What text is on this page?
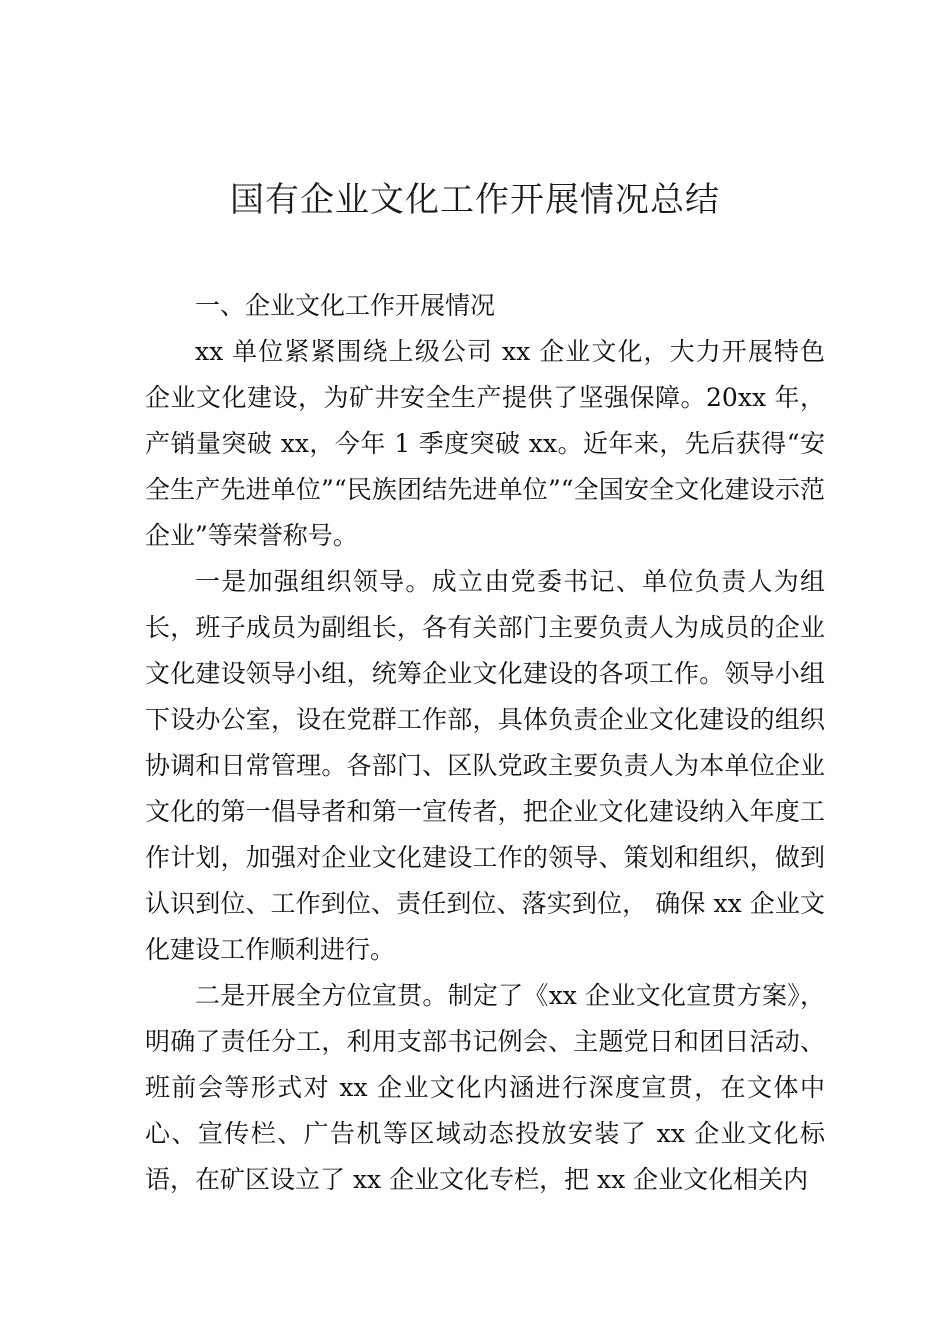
国有企业文化工作开展情况总结
一、企业文化工作开展情况

xx 单位紧紧围绕上级公司 xx 企业文化，大力开展特色企业文化建设，为矿井安全生产提供了坚强保障。20xx 年，产销量突破 xx，今年 1 季度突破 xx。近年来，先后获得“安全生产先进单位”“民族团结先进单位”“全国安全文化建设示范企业”等荣誉称号。

一是加强组织领导。成立由党委书记、单位负责人为组长，班子成员为副组长，各有关部门主要负责人为成员的企业文化建设领导小组，统筹企业文化建设的各项工作。领导小组下设办公室，设在党群工作部，具体负责企业文化建设的组织协调和日常管理。各部门、区队党政主要负责人为本单位企业文化的第一倡导者和第一宣传者，把企业文化建设纳入年度工作计划，加强对企业文化建设工作的领导、策划和组织，做到认识到位、工作到位、责任到位、落实到位， 确保 xx 企业文化建设工作顺利进行。

二是开展全方位宣贯。制定了《xx 企业文化宣贯方案》，明确了责任分工，利用支部书记例会、主题党日和团日活动、班前会等形式对 xx 企业文化内涵进行深度宣贯，在文体中心、宣传栏、广告机等区域动态投放安装了 xx 企业文化标语，在矿区设立了 xx 企业文化专栏，把 xx 企业文化相关内
